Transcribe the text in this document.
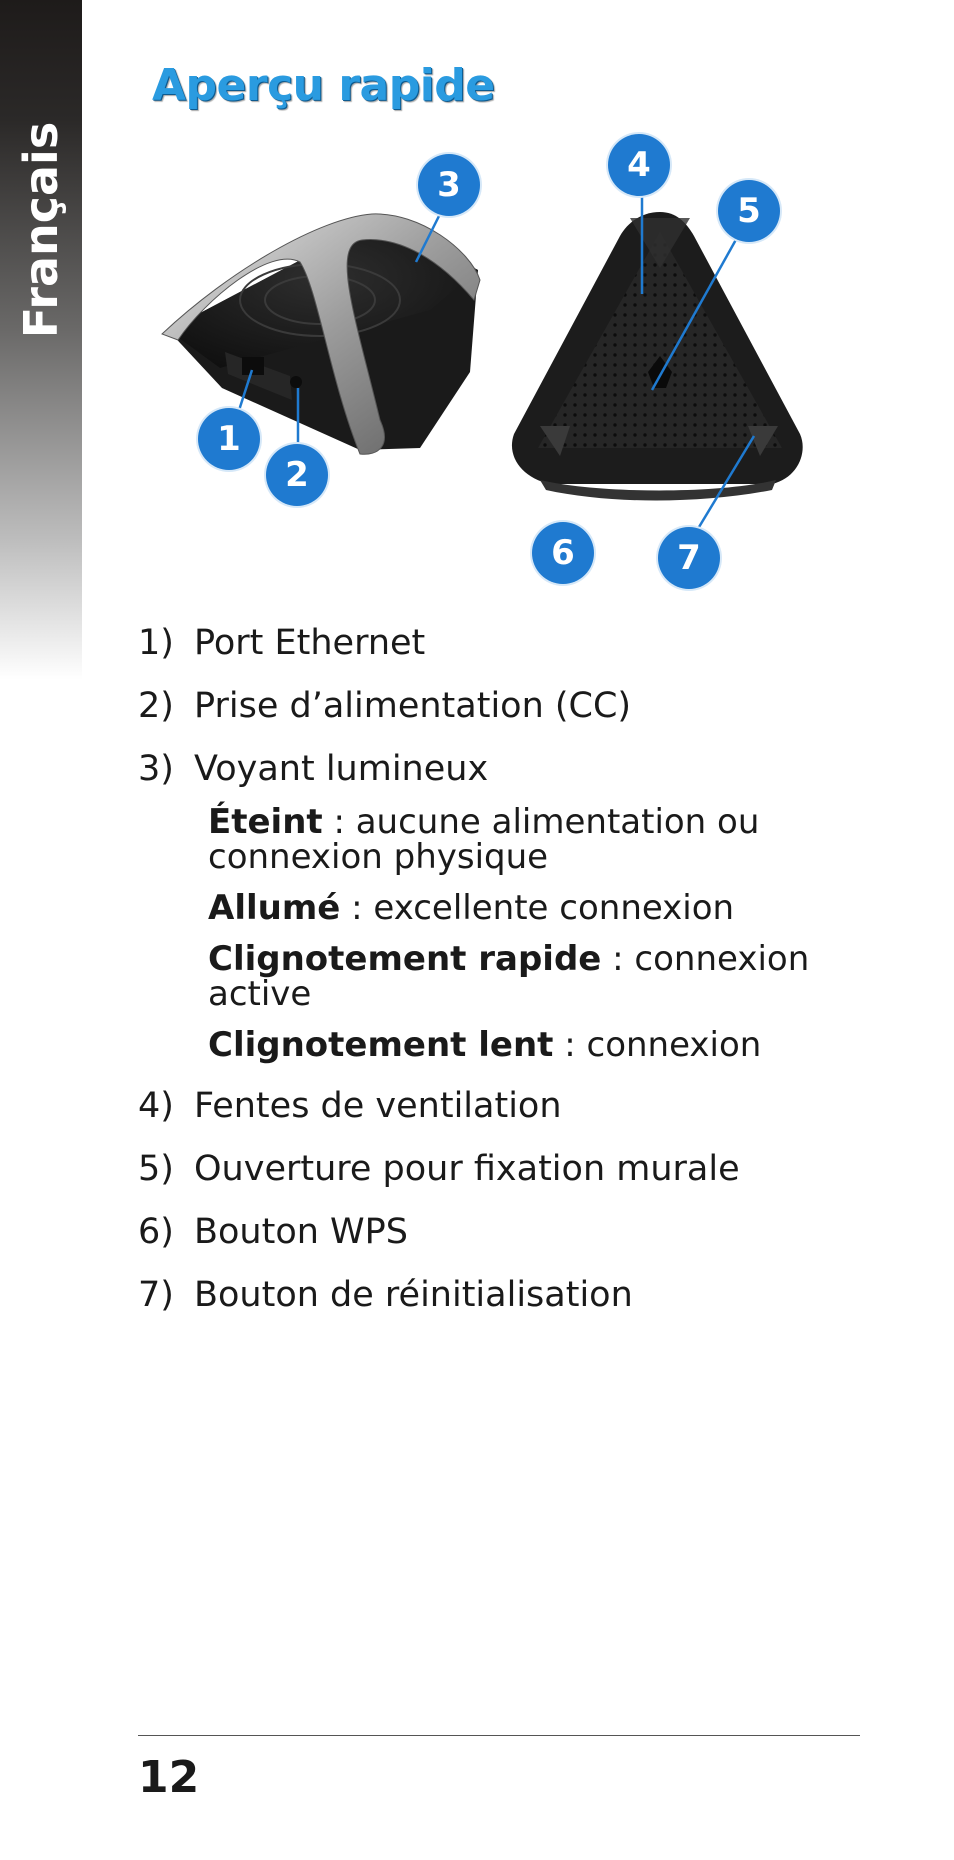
Français
Aperçu rapide
1
2
3	4
5
6	7
1) Port Ethernet
2) Prise d’alimentation (CC)
3) Voyant lumineux
Éteint : aucune alimentation ou connexion physique
Allumé : excellente connexion
Clignotement rapide : connexion active
Clignotement lent : connexion
4) Fentes de ventilation
5) Ouverture pour fixation murale
6) Bouton WPS
7) Bouton de réinitialisation
12
